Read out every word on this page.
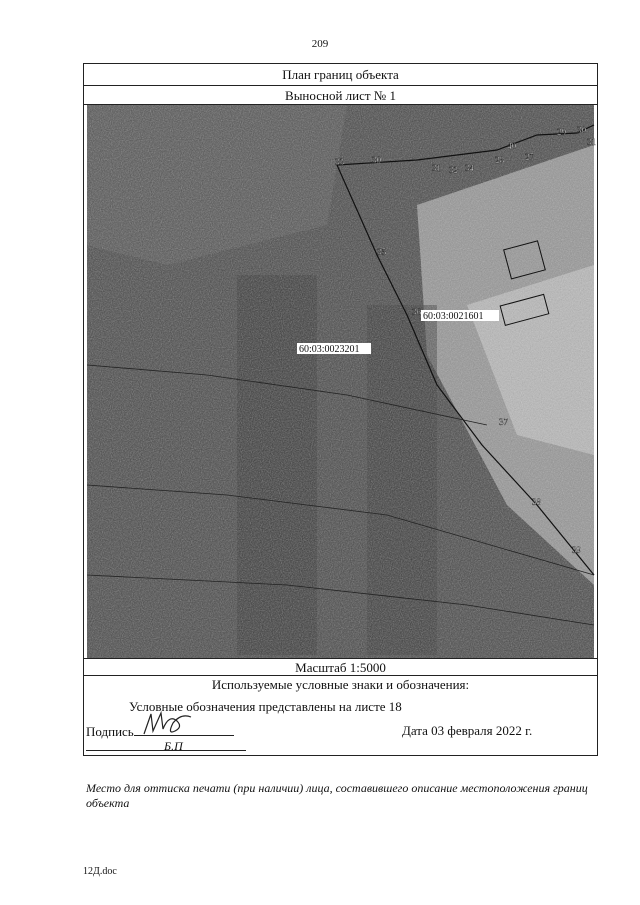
209
План границ объекта
Выносной лист № 1
60:03:0021601
60:03:0023201
33	30
31 32 34
35
36
37
38
39
40
27
28
29 30
31
Масштаб 1:5000
Используемые условные знаки и обозначения:
Условные обозначения представлены на листе 18
Подпись	Дата 03 февраля 2022 г.
Б.П
Место для оттиска печати (при наличии) лица, составившего описание местоположения границ объекта
12Д.doc
